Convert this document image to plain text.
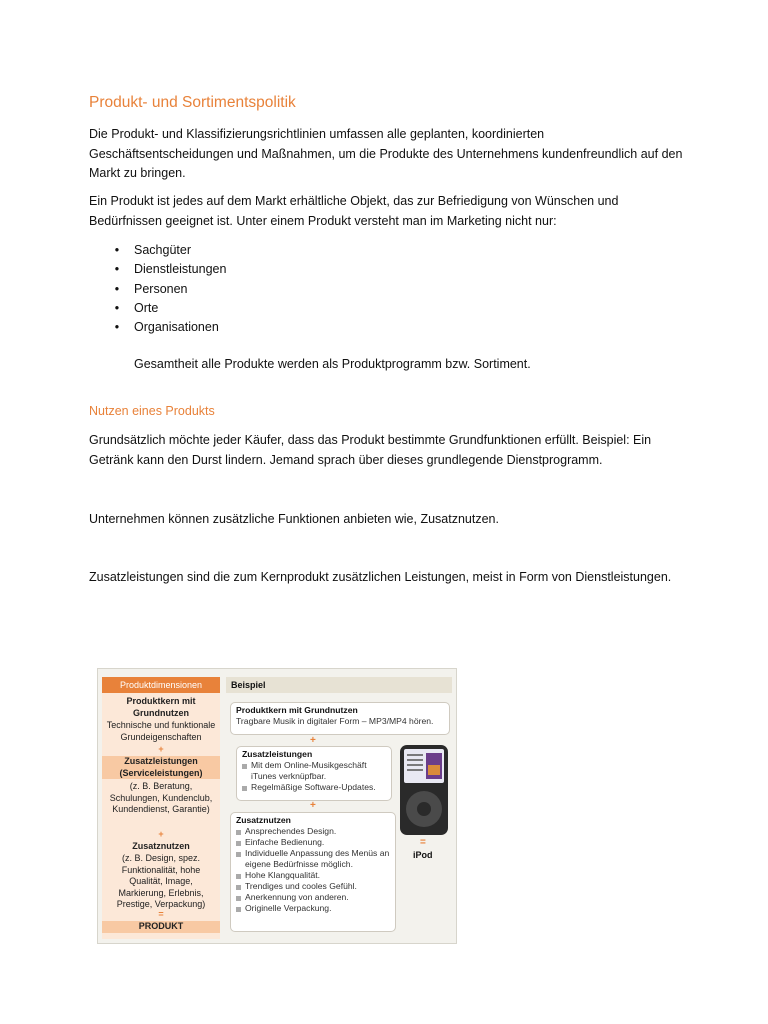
Produkt- und Sortimentspolitik

Die Produkt- und Klassifizierungsrichtlinien umfassen alle geplanten, koordinierten Geschäftsentscheidungen und Maßnahmen, um die Produkte des Unternehmens kundenfreundlich auf den Markt zu bringen.

Ein Produkt ist jedes auf dem Markt erhältliche Objekt, das zur Befriedigung von Wünschen und Bedürfnissen geeignet ist. Unter einem Produkt versteht man im Marketing nicht nur:

• Sachgüter
• Dienstleistungen
• Personen
• Orte
• Organisationen

Gesamtheit alle Produkte werden als Produktprogramm bzw. Sortiment.

Nutzen eines Produkts

Grundsätzlich möchte jeder Käufer, dass das Produkt bestimmte Grundfunktionen erfüllt. Beispiel: Ein Getränk kann den Durst lindern. Jemand sprach über dieses grundlegende Dienstprogramm.

Unternehmen können zusätzliche Funktionen anbieten wie, Zusatznutzen.

Zusatzleistungen sind die zum Kernprodukt zusätzlichen Leistungen, meist in Form von Dienstleistungen.

Produktdimensionen	Beispiel
Produktkern mit Grundnutzen
Technische und funktionale Grundeigenschaften
+
Zusatzleistungen (Serviceleistungen)
(z. B. Beratung, Schulungen, Kundenclub, Kundendienst, Garantie)
+
Zusatznutzen
(z. B. Design, spez. Funktionalität, hohe Qualität, Image, Markierung, Erlebnis, Prestige, Verpackung)
=
PRODUKT
Produktkern mit Grundnutzen
Tragbare Musik in digitaler Form – MP3/MP4 hören.
+
Zusatzleistungen
Mit dem Online-Musikgeschäft iTunes verknüpfbar.
Regelmäßige Software-Updates.
+
Zusatznutzen
Ansprechendes Design.
Einfache Bedienung.
Individuelle Anpassung des Menüs an eigene Bedürfnisse möglich.
Hohe Klangqualität.
Trendiges und cooles Gefühl.
Anerkennung von anderen.
Originelle Verpackung.
=
iPod
